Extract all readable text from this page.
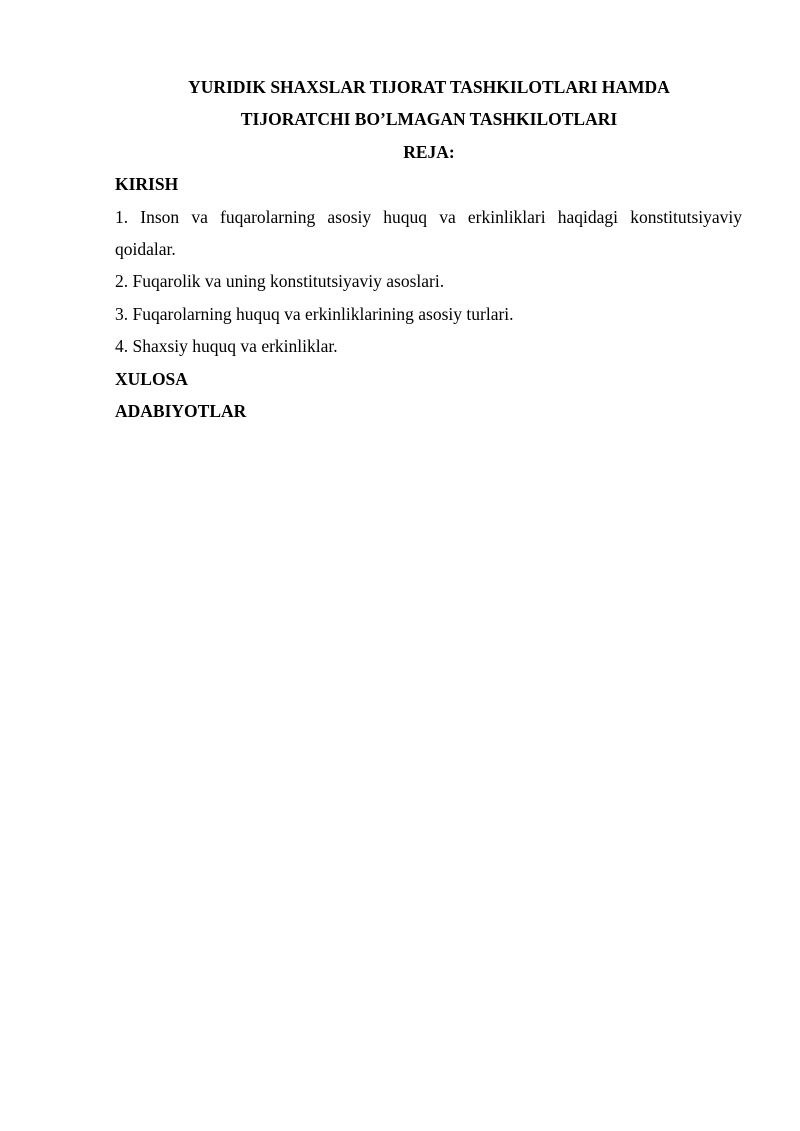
YURIDIK SHAXSLAR TIJORAT TASHKILOTLARI HAMDA
TIJORATCHI BO’LMAGAN TASHKILOTLARI
REJA:
KIRISH
1. Inson va fuqarolarning asosiy huquq va erkinliklari haqidagi konstitutsiyaviy
qoidalar.
2. Fuqarolik va uning konstitutsiyaviy asoslari.
3. Fuqarolarning huquq va erkinliklarining asosiy turlari.
4. Shaxsiy huquq va erkinliklar.
XULOSA
ADABIYOTLAR
